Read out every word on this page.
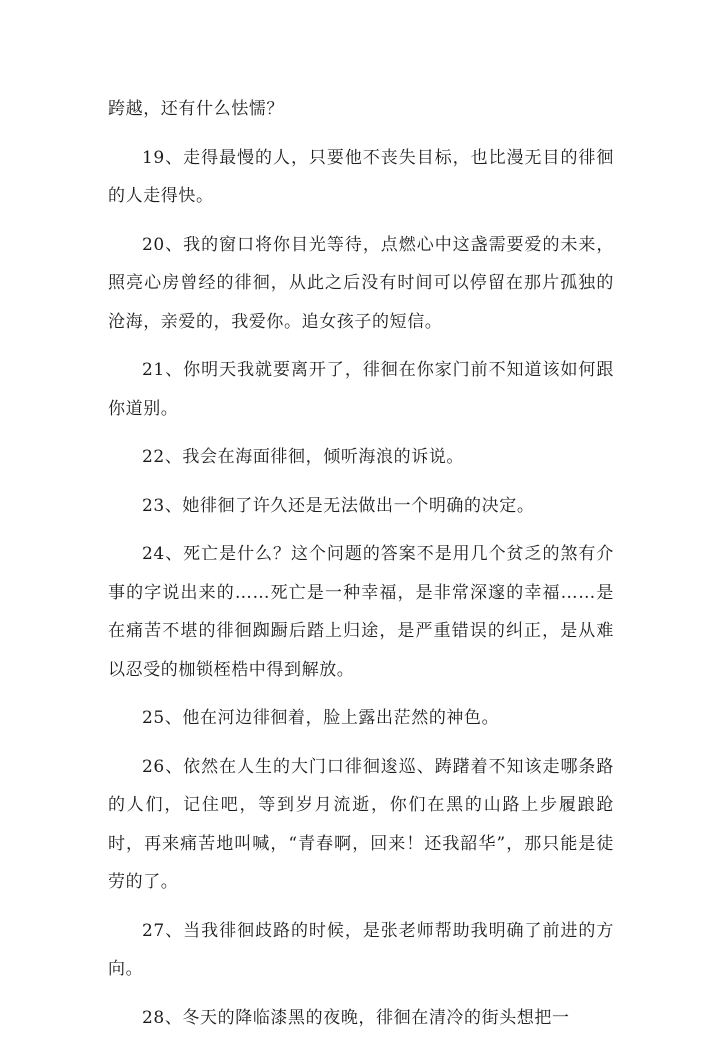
跨越，还有什么怯懦？

19、走得最慢的人，只要他不丧失目标，也比漫无目的徘徊的人走得快。

20、我的窗口将你目光等待，点燃心中这盏需要爱的未来，照亮心房曾经的徘徊，从此之后没有时间可以停留在那片孤独的沧海，亲爱的，我爱你。追女孩子的短信。

21、你明天我就要离开了，徘徊在你家门前不知道该如何跟你道别。

22、我会在海面徘徊，倾听海浪的诉说。

23、她徘徊了许久还是无法做出一个明确的决定。

24、死亡是什么？这个问题的答案不是用几个贫乏的煞有介事的字说出来的……死亡是一种幸福，是非常深邃的幸福……是在痛苦不堪的徘徊踟蹰后踏上归途，是严重错误的纠正，是从难以忍受的枷锁桎梏中得到解放。

25、他在河边徘徊着，脸上露出茫然的神色。

26、依然在人生的大门口徘徊逡巡、踌躇着不知该走哪条路的人们，记住吧，等到岁月流逝，你们在黑的山路上步履踉跄时，再来痛苦地叫喊，“青春啊，回来！还我韶华”，那只能是徒劳的了。

27、当我徘徊歧路的时候，是张老师帮助我明确了前进的方向。

28、冬天的降临漆黑的夜晚，徘徊在清冷的街头想把一
